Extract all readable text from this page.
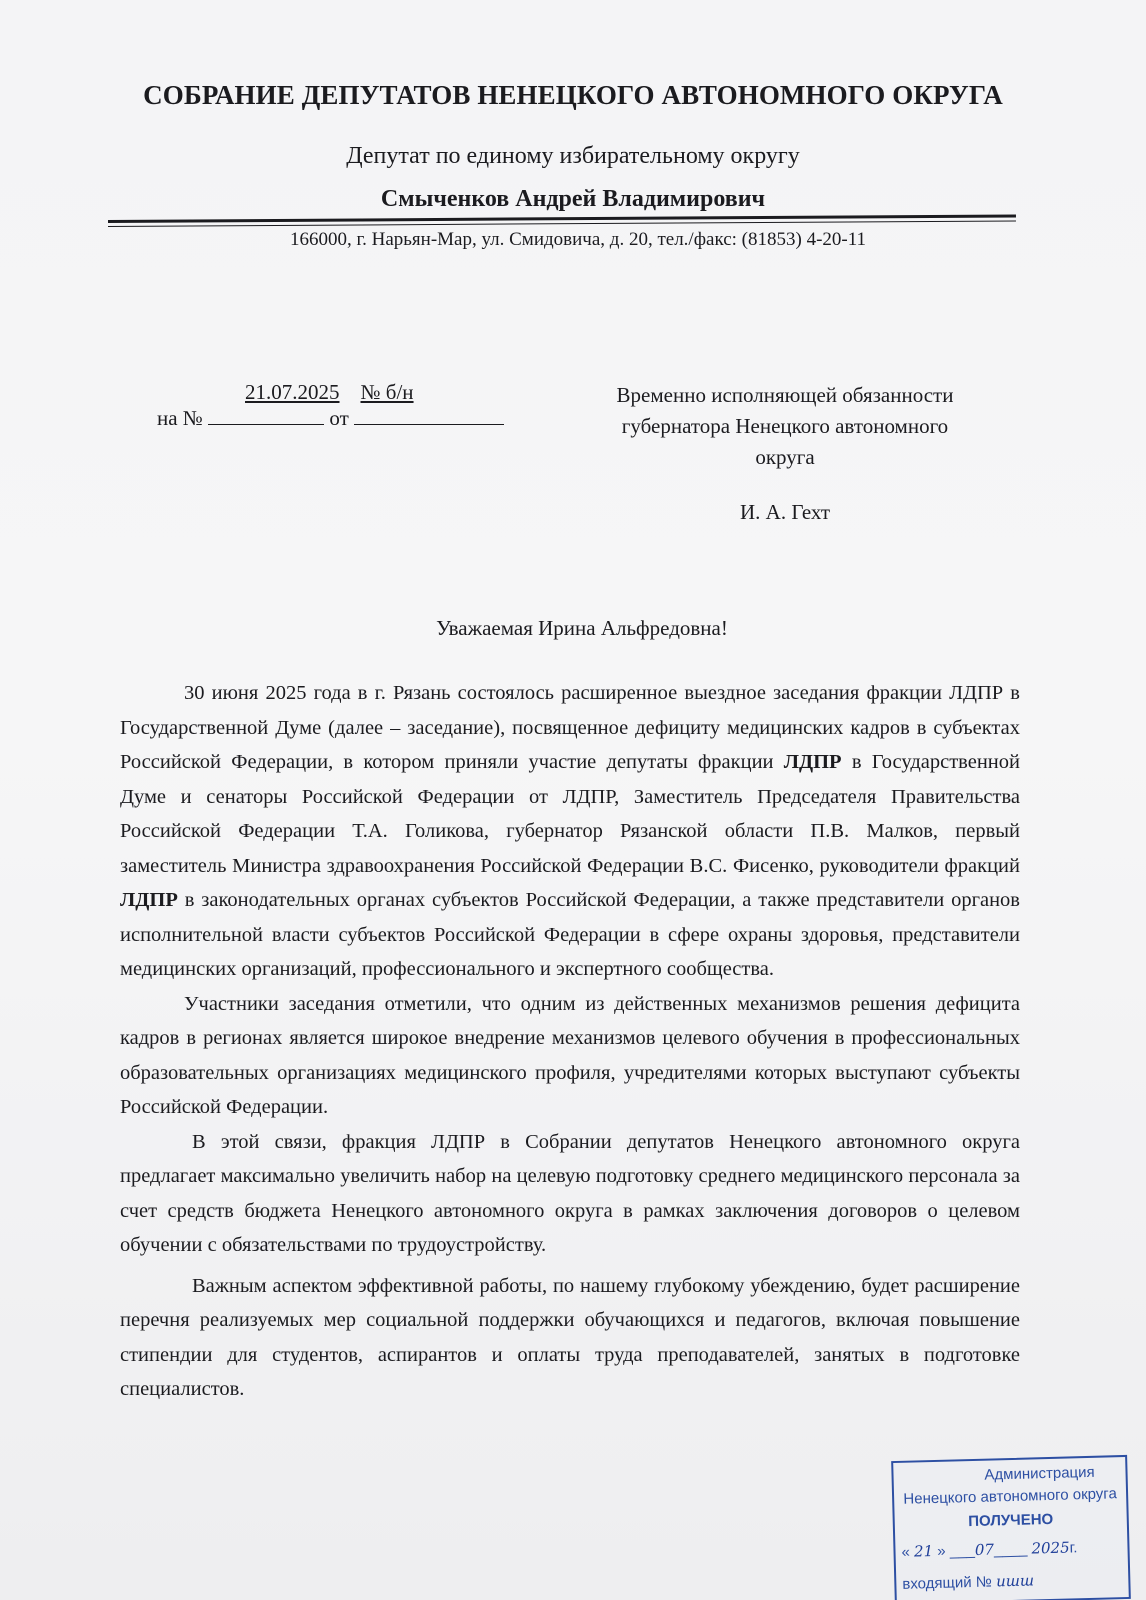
СОБРАНИЕ ДЕПУТАТОВ НЕНЕЦКОГО АВТОНОМНОГО ОКРУГА
Депутат по единому избирательному округу
Смыченков Андрей Владимирович
166000, г. Нарьян-Мар, ул. Смидовича, д. 20, тел./факс: (81853) 4-20-11
21.07.2025 № б/н
на №	от
Временно исполняющей обязанности
губернатора Ненецкого автономного
округа
И. А. Гехт
Уважаемая Ирина Альфредовна!

30 июня 2025 года в г. Рязань состоялось расширенное выездное заседания фракции ЛДПР в Государственной Думе (далее – заседание), посвященное дефициту медицинских кадров в субъектах Российской Федерации, в котором приняли участие депутаты фракции ЛДПР в Государственной Думе и сенаторы Российской Федерации от ЛДПР, Заместитель Председателя Правительства Российской Федерации Т.А. Голикова, губернатор Рязанской области П.В. Малков, первый заместитель Министра здравоохранения Российской Федерации В.С. Фисенко, руководители фракций ЛДПР в законодательных органах субъектов Российской Федерации, а также представители органов исполнительной власти субъектов Российской Федерации в сфере охраны здоровья, представители медицинских организаций, профессионального и экспертного сообщества.

Участники заседания отметили, что одним из действенных механизмов решения дефицита кадров в регионах является широкое внедрение механизмов целевого обучения в профессиональных образовательных организациях медицинского профиля, учредителями которых выступают субъекты Российской Федерации.

В этой связи, фракция ЛДПР в Собрании депутатов Ненецкого автономного округа предлагает максимально увеличить набор на целевую подготовку среднего медицинского персонала за счет средств бюджета Ненецкого автономного округа в рамках заключения договоров о целевом обучении с обязательствами по трудоустройству.

Важным аспектом эффективной работы, по нашему глубокому убеждению, будет расширение перечня реализуемых мер социальной поддержки обучающихся и педагогов, включая повышение стипендии для студентов, аспирантов и оплаты труда преподавателей, занятых в подготовке специалистов.

Администрация
Ненецкого автономного округа
ПОЛУЧЕНО
« 21 » ___07____ 2025г.
входящий № ишш
